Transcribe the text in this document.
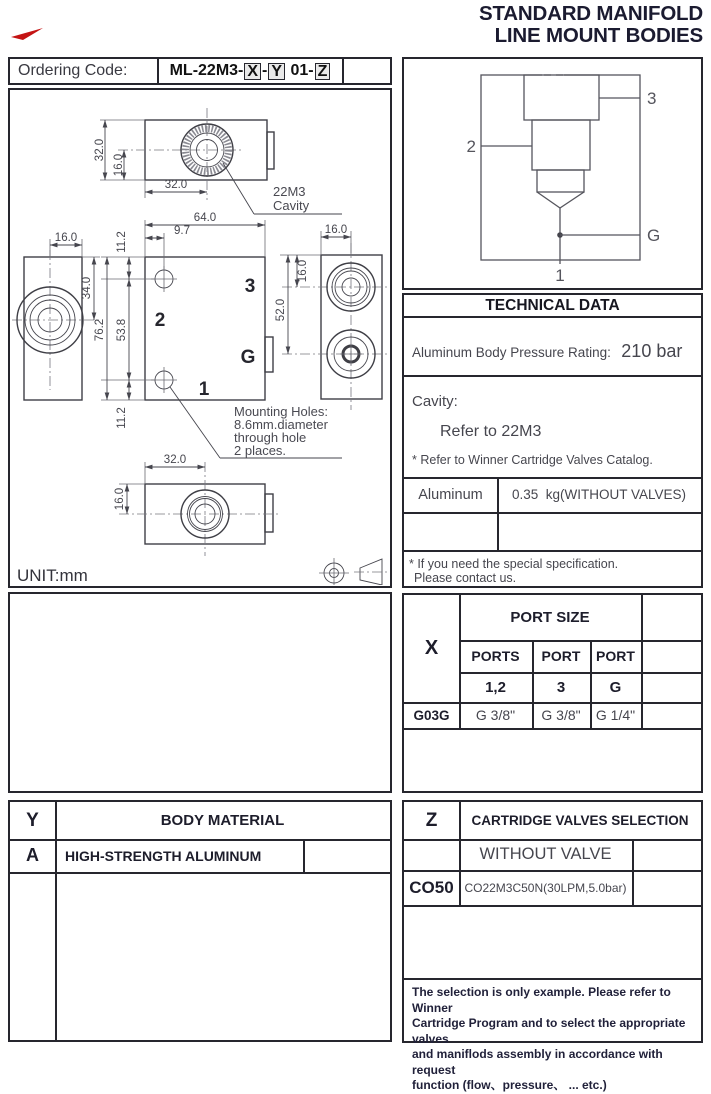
STANDARD MANIFOLD
LINE MOUNT BODIES
Ordering Code:	ML-22M3- X - Y 01- Z
32.0
16.0
32.0	22M3
Cavity
16.0
34.0	3
2
G
1
64.0
9.7
11.2
53.8
11.2
76.2
Mounting Holes:
8.6mm.diameter
through hole
2 places.
16.0
16.0
52.0
32.0
16.0
UNIT:mm
3
2
G
1
TECHNICAL DATA
Aluminum Body Pressure Rating: 210 bar
Cavity:
Refer to 22M3
* Refer to Winner Cartridge Valves Catalog.
Aluminum	0.35  kg(WITHOUT VALVES)
* If you need the special specification.
Please contact us.
X
PORT SIZE
PORTS	PORT	PORT
1,2	3	G
G03G	G 3/8"	G 3/8"	G 1/4"
Y	BODY MATERIAL
A	HIGH-STRENGTH ALUMINUM
Z	CARTRIDGE VALVES SELECTION
WITHOUT VALVE
CO50 CO22M3C50N(30LPM,5.0bar)
The selection is only example. Please refer to Winner
Cartridge Program and to select the appropriate valves
and maniflods assembly in accordance with request
function (flow、pressure、 ... etc.)
